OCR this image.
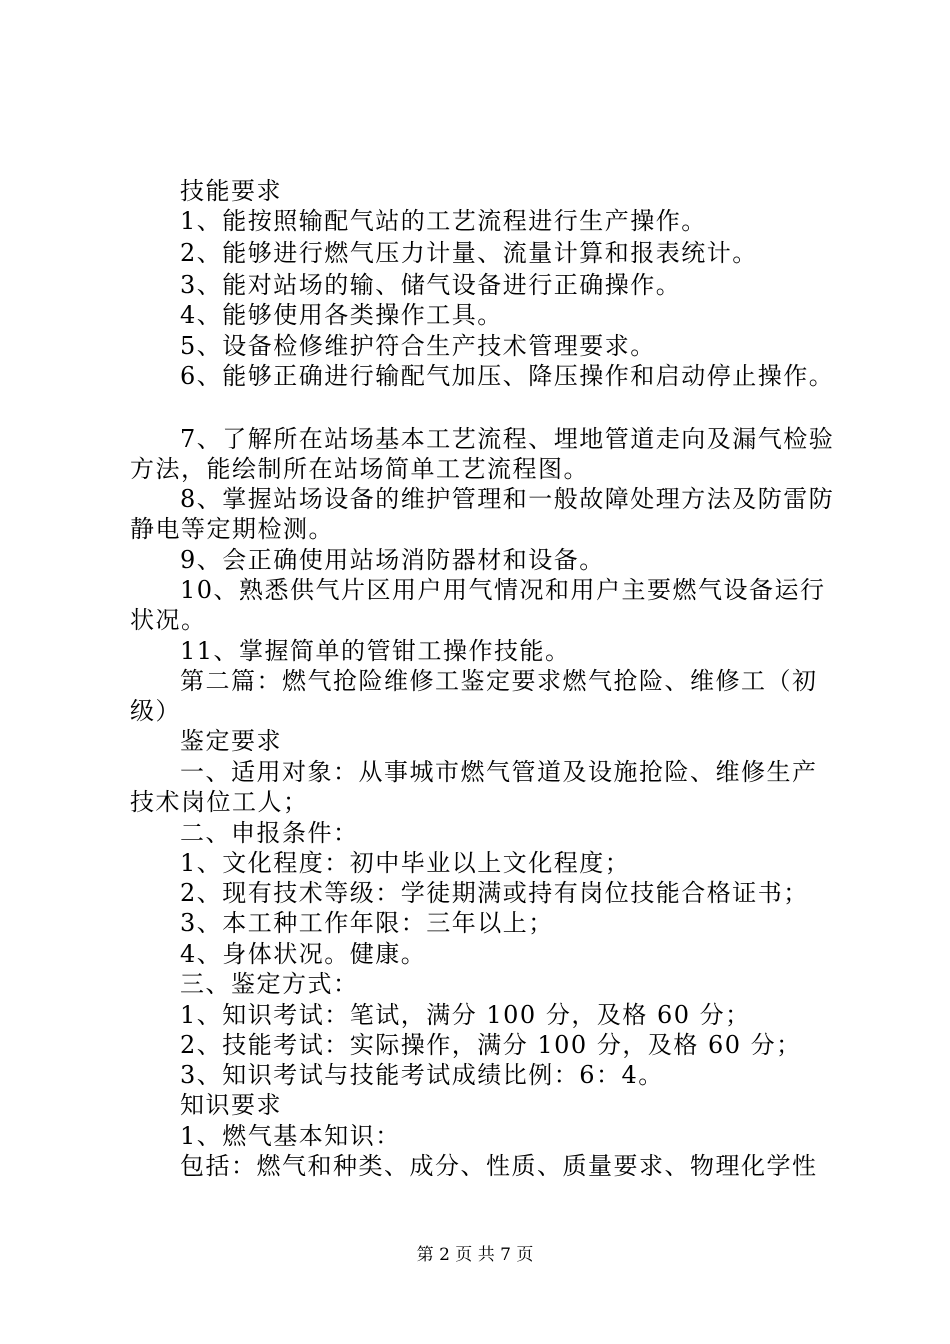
技能要求
1、能按照输配气站的工艺流程进行生产操作。
2、能够进行燃气压力计量、流量计算和报表统计。
3、能对站场的输、储气设备进行正确操作。
4、能够使用各类操作工具。
5、设备检修维护符合生产技术管理要求。
6、能够正确进行输配气加压、降压操作和启动停止操作。
7、了解所在站场基本工艺流程、埋地管道走向及漏气检验
方法，能绘制所在站场简单工艺流程图。
8、掌握站场设备的维护管理和一般故障处理方法及防雷防
静电等定期检测。
9、会正确使用站场消防器材和设备。
10、熟悉供气片区用户用气情况和用户主要燃气设备运行
状况。
11、掌握简单的管钳工操作技能。
第二篇：燃气抢险维修工鉴定要求燃气抢险、维修工（初
级）
鉴定要求
一、适用对象：从事城市燃气管道及设施抢险、维修生产
技术岗位工人；
二、申报条件：
1、文化程度：初中毕业以上文化程度；
2、现有技术等级：学徒期满或持有岗位技能合格证书；
3、本工种工作年限：三年以上；
4、身体状况。健康。
三、鉴定方式：
1、知识考试：笔试，满分 100 分，及格 60 分；
2、技能考试：实际操作，满分 100 分，及格 60 分；
3、知识考试与技能考试成绩比例：6：4。
知识要求
1、燃气基本知识：
包括：燃气和种类、成分、性质、质量要求、物理化学性
第 2 页 共 7 页
